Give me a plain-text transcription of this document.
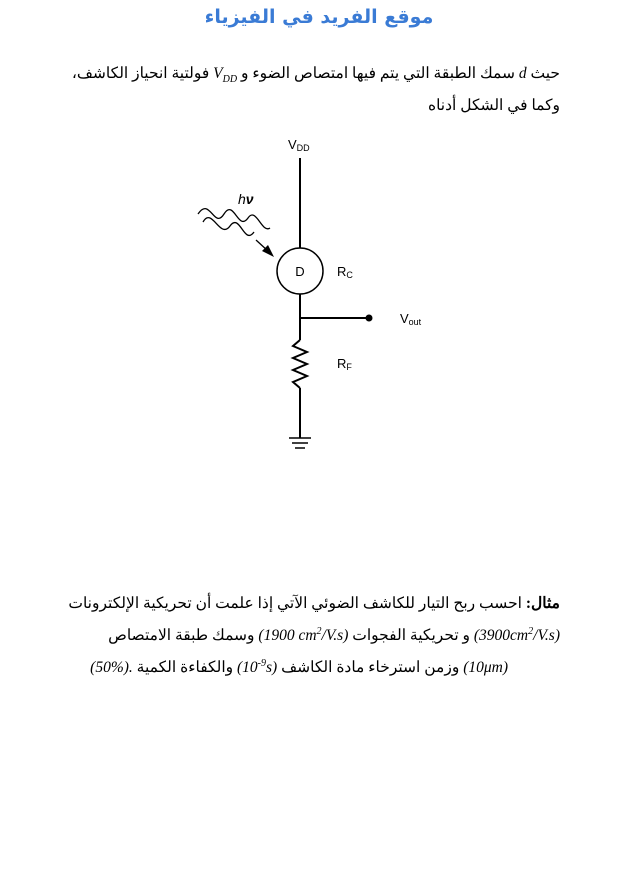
موقع الفريد في الفيزياء
حيث d سمك الطبقة التي يتم فيها امتصاص الضوء و $V_{DD}$ فولتية انحياز الكاشف،
وكما في الشكل أدناه
VDD
hν
D RC
Vout
RF
مثال: احسب ربح التيار للكاشف الضوئي الآتي إذا علمت أن تحريكية الإلكترونات
$(3900cm^2/V.s)$ و تحريكية الفجوات (1900 $cm^2/V.s$) وسمك طبقة الامتصاص
(10μm) وزمن استرخاء مادة الكاشف $(10^{-9}s)$ والكفاءة الكمية (50%).
